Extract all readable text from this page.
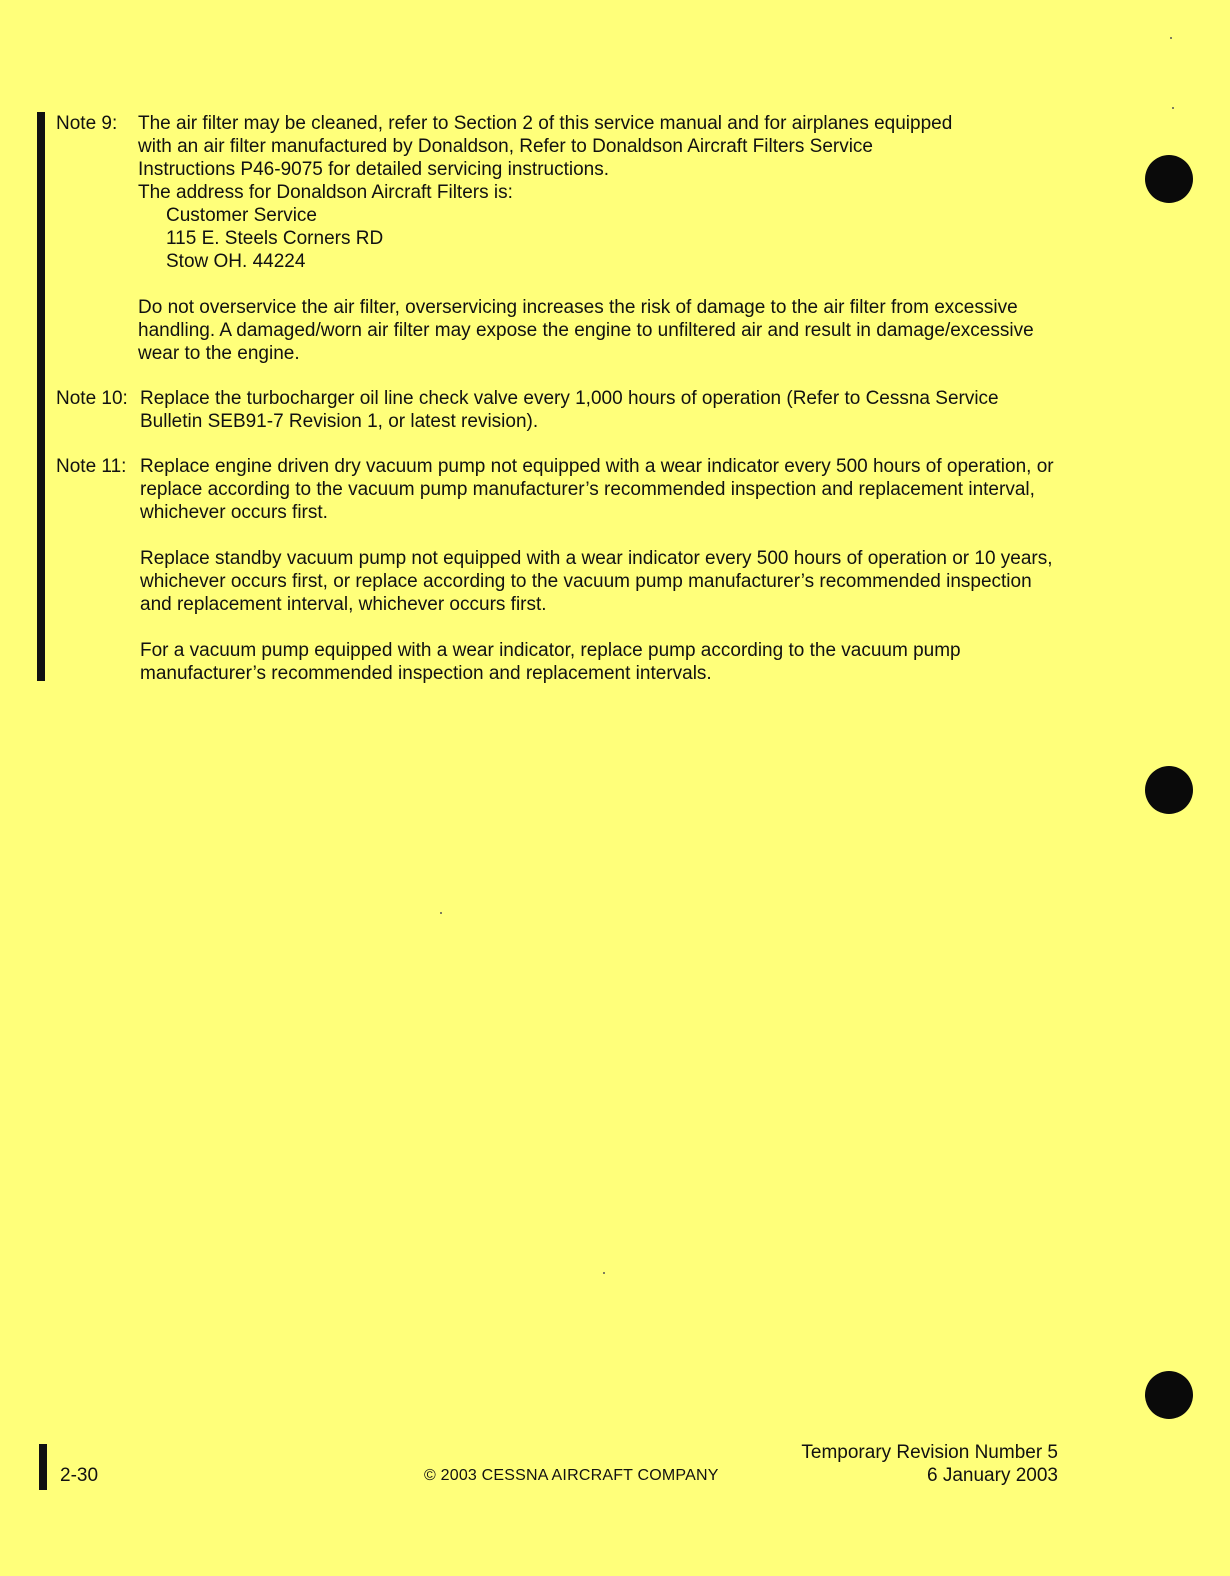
Note 9:	The air filter may be cleaned, refer to Section 2 of this service manual and for airplanes equipped
with an air filter manufactured by Donaldson, Refer to Donaldson Aircraft Filters Service
Instructions P46-9075 for detailed servicing instructions.
The address for Donaldson Aircraft Filters is:
Customer Service
115 E. Steels Corners RD
Stow OH. 44224

Do not overservice the air filter, overservicing increases the risk of damage to the air filter from excessive handling. A damaged/worn air filter may expose the engine to unfiltered air and result in damage/excessive wear to the engine.

Note 10: Replace the turbocharger oil line check valve every 1,000 hours of operation (Refer to Cessna Service Bulletin SEB91-7 Revision 1, or latest revision).

Note 11: Replace engine driven dry vacuum pump not equipped with a wear indicator every 500 hours of operation, or replace according to the vacuum pump manufacturer’s recommended inspection and replacement interval, whichever occurs first.

Replace standby vacuum pump not equipped with a wear indicator every 500 hours of operation or 10 years, whichever occurs first, or replace according to the vacuum pump manufacturer’s recommended inspection and replacement interval, whichever occurs first.

For a vacuum pump equipped with a wear indicator, replace pump according to the vacuum pump manufacturer’s recommended inspection and replacement intervals.

2-30	© 2003 CESSNA AIRCRAFT COMPANY
Temporary Revision Number 5
6 January 2003
